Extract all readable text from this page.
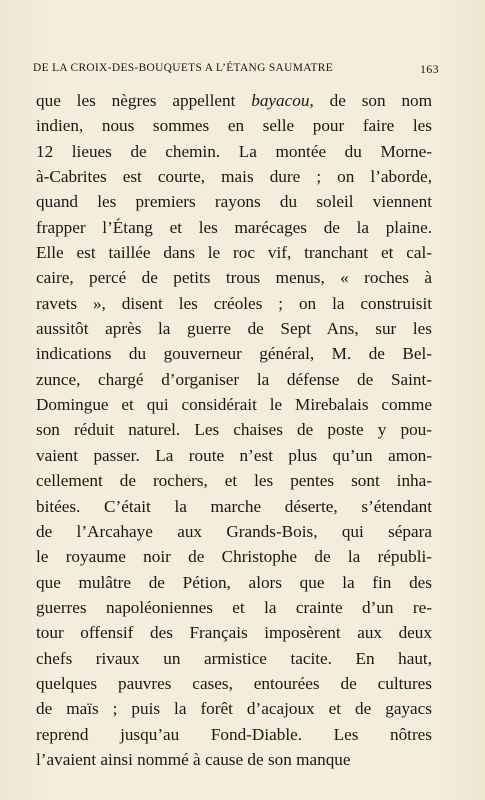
DE LA CROIX-DES-BOUQUETS A L’ÉTANG SAUMATRE	163
que les nègres appellent bayacou, de son nom
indien, nous sommes en selle pour faire les
12 lieues de chemin. La montée du Morne-
à-Cabrites est courte, mais dure ; on l’aborde,
quand les premiers rayons du soleil viennent
frapper l’Étang et les marécages de la plaine.
Elle est taillée dans le roc vif, tranchant et cal-
caire, percé de petits trous menus, « roches à
ravets », disent les créoles ; on la construisit
aussitôt après la guerre de Sept Ans, sur les
indications du gouverneur général, M. de Bel-
zunce, chargé d’organiser la défense de Saint-
Domingue et qui considérait le Mirebalais comme
son réduit naturel. Les chaises de poste y pou-
vaient passer. La route n’est plus qu’un amon-
cellement de rochers, et les pentes sont inha-
bitées. C’était la marche déserte, s’étendant
de l’Arcahaye aux Grands-Bois, qui sépara
le royaume noir de Christophe de la républi-
que mulâtre de Pétion, alors que la fin des
guerres napoléoniennes et la crainte d’un re-
tour offensif des Français imposèrent aux deux
chefs rivaux un armistice tacite. En haut,
quelques pauvres cases, entourées de cultures
de maïs ; puis la forêt d’acajoux et de gayacs
reprend jusqu’au Fond-Diable. Les nôtres
l’avaient ainsi nommé à cause de son manque
